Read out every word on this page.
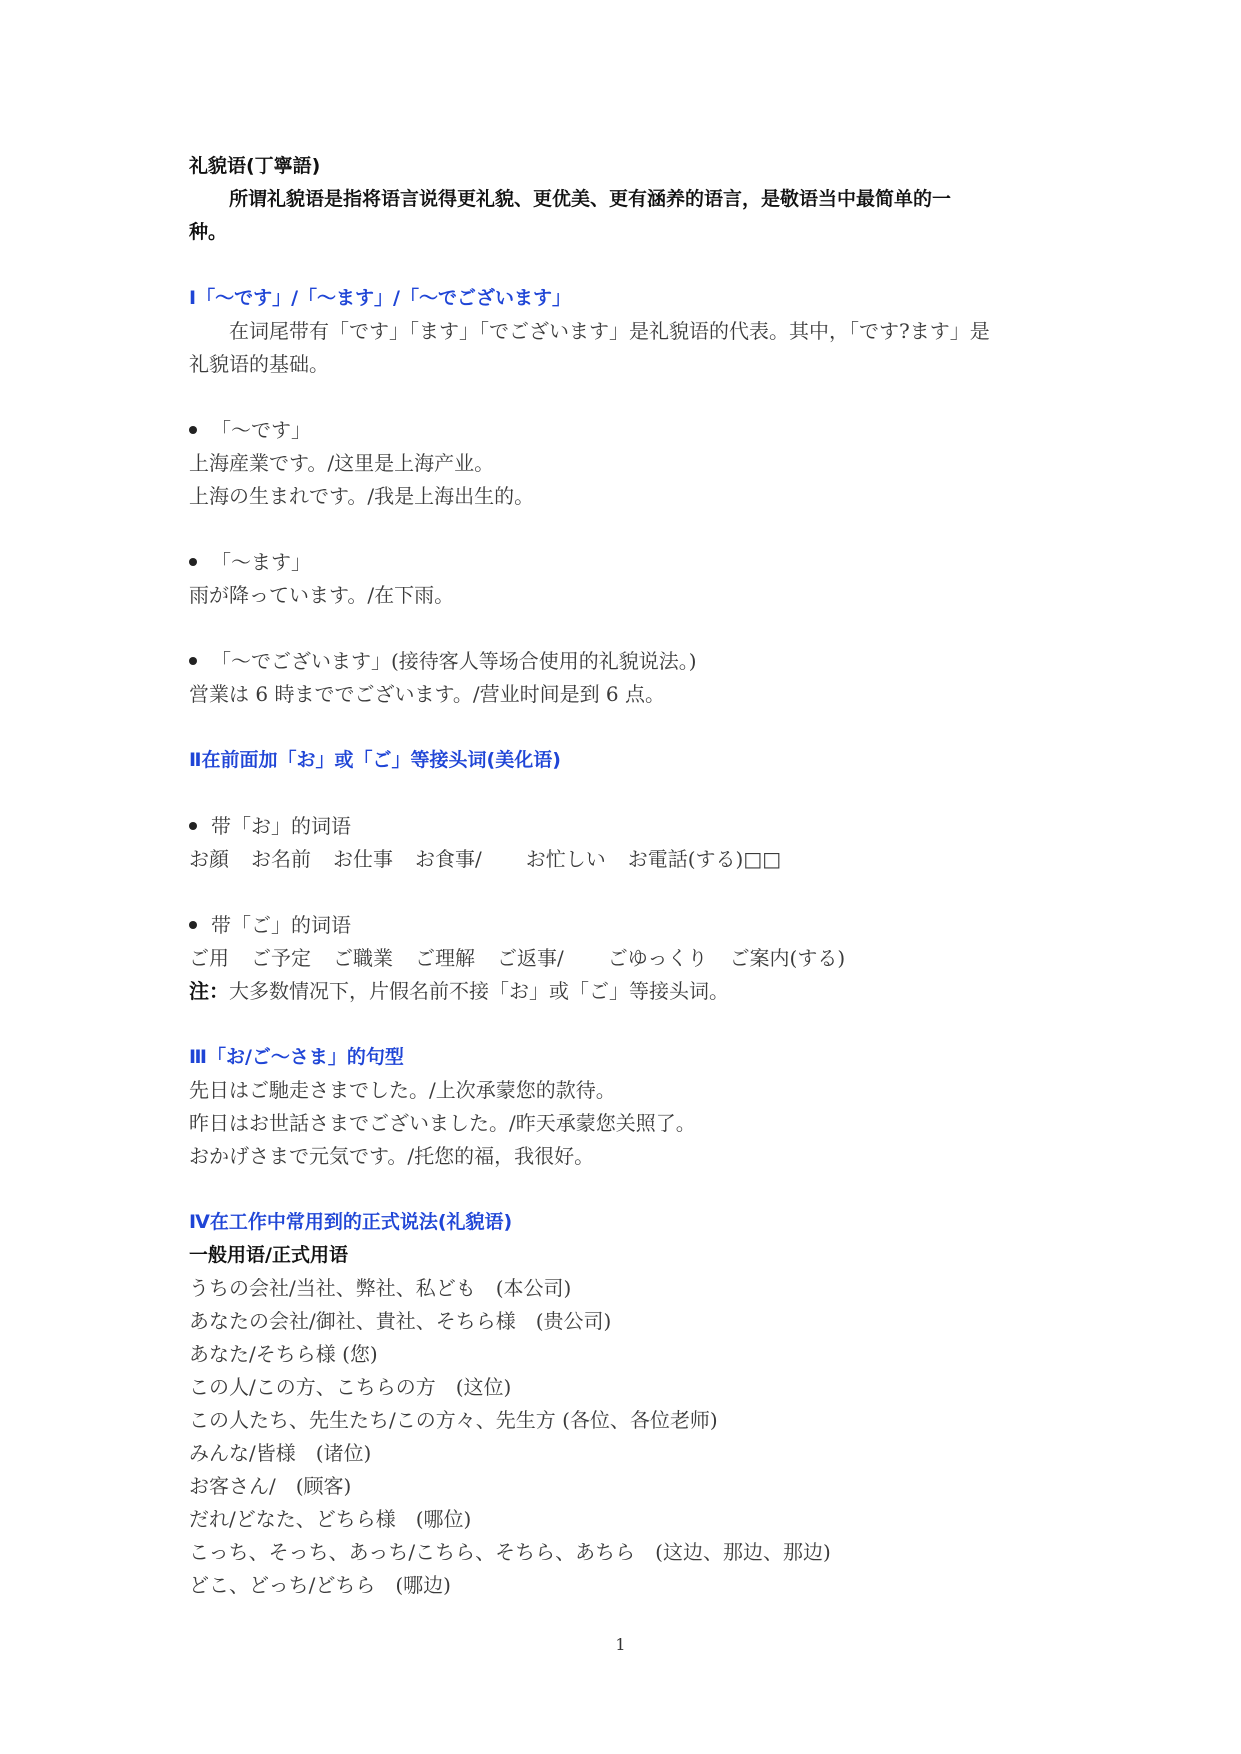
礼貌语(丁寧語)
所谓礼貌语是指将语言说得更礼貌、更优美、更有涵养的语言，是敬语当中最简单的一
种。
Ⅰ「～です」/「～ます」/「～でございます」
在词尾带有「です」「ます」「でございます」是礼貌语的代表。其中，「です?ます」是
礼貌语的基础。
「～です」
上海産業です。/这里是上海产业。
上海の生まれです。/我是上海出生的。
「～ます」
雨が降っています。/在下雨。
「～でございます」(接待客人等场合使用的礼貌说法。)
営業は 6 時まででございます。/营业时间是到 6 点。
Ⅱ在前面加「お」或「ご」等接头词(美化语)
带「お」的词语
お顔 お名前 お仕事 お食事/ お忙しい お電話(する)□□
带「ご」的词语
ご用 ご予定 ご職業 ご理解 ご返事/ ごゆっくり ご案内(する)
注：大多数情况下，片假名前不接「お」或「ご」等接头词。
Ⅲ「お/ご～さま」的句型
先日はご馳走さまでした。/上次承蒙您的款待。
昨日はお世話さまでございました。/昨天承蒙您关照了。
おかげさまで元気です。/托您的福，我很好。
Ⅳ在工作中常用到的正式说法(礼貌语)
一般用语/正式用语
うちの会社/当社、弊社、私ども　(本公司)
あなたの会社/御社、貴社、そちら様　(贵公司)
あなた/そちら様 (您)
この人/この方、こちらの方　(这位)
この人たち、先生たち/この方々、先生方 (各位、各位老师)
みんな/皆様　(诸位)
お客さん/　(顾客)
だれ/どなた、どちら様　(哪位)
こっち、そっち、あっち/こちら、そちら、あちら　(这边、那边、那边)
どこ、どっち/どちら　(哪边)
1
